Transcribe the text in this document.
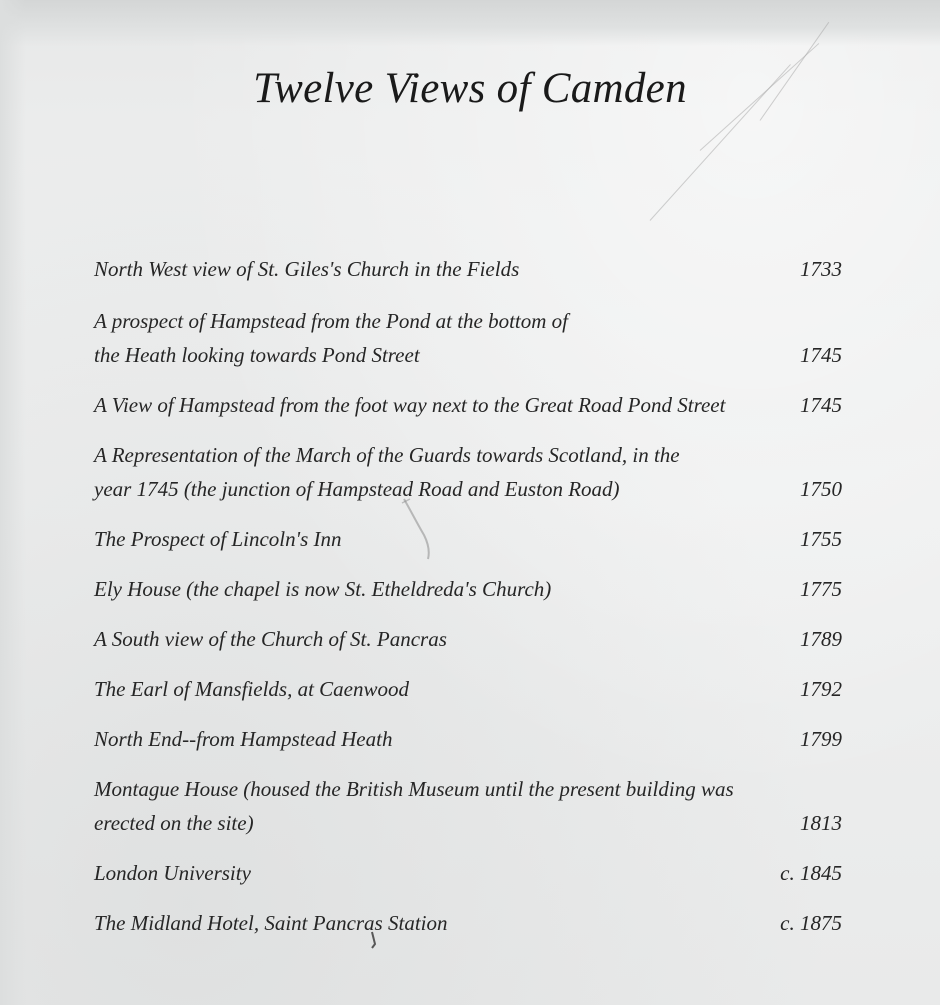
Twelve Views of Camden
North West view of St. Giles's Church in the Fields	1733
A prospect of Hampstead from the Pond at the bottom of the Heath looking towards Pond Street	1745
A View of Hampstead from the foot way next to the Great Road Pond Street	1745
A Representation of the March of the Guards towards Scotland, in the year 1745 (the junction of Hampstead Road and Euston Road)	1750
The Prospect of Lincoln's Inn	1755
Ely House (the chapel is now St. Etheldreda's Church)	1775
A South view of the Church of St. Pancras	1789
The Earl of Mansfields, at Caenwood	1792
North End--from Hampstead Heath	1799
Montague House (housed the British Museum until the present building was erected on the site)	1813
London University	c. 1845
The Midland Hotel, Saint Pancras Station	c. 1875
